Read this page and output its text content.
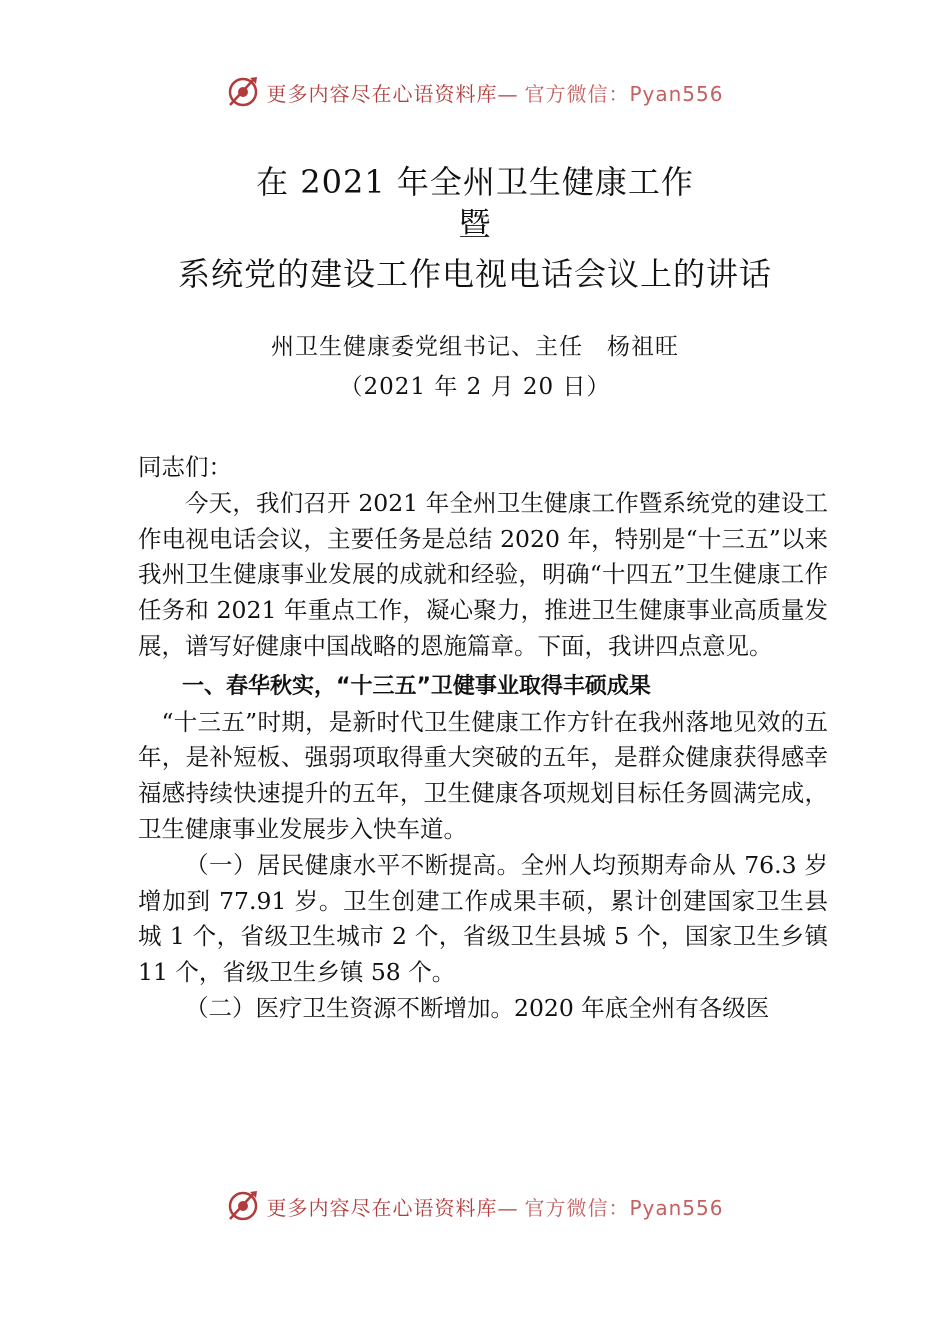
更多内容尽在心语资料库— 官方微信：Pyan556
在 2021 年全州卫生健康工作
暨
系统党的建设工作电视电话会议上的讲话
州卫生健康委党组书记、主任　杨祖旺
（2021 年 2 月 20 日）

同志们：

今天，我们召开 2021 年全州卫生健康工作暨系统党的建设工作电视电话会议，主要任务是总结 2020 年，特别是“十三五”以来我州卫生健康事业发展的成就和经验，明确“十四五”卫生健康工作任务和 2021 年重点工作，凝心聚力，推进卫生健康事业高质量发展，谱写好健康中国战略的恩施篇章。下面，我讲四点意见。

一、春华秋实，“十三五”卫健事业取得丰硕成果

“十三五”时期，是新时代卫生健康工作方针在我州落地见效的五年，是补短板、强弱项取得重大突破的五年，是群众健康获得感幸福感持续快速提升的五年，卫生健康各项规划目标任务圆满完成，卫生健康事业发展步入快车道。

（一）居民健康水平不断提高。全州人均预期寿命从 76.3 岁增加到 77.91 岁。卫生创建工作成果丰硕，累计创建国家卫生县城 1 个，省级卫生城市 2 个，省级卫生县城 5 个，国家卫生乡镇 11 个，省级卫生乡镇 58 个。

（二）医疗卫生资源不断增加。2020 年底全州有各级医

更多内容尽在心语资料库— 官方微信：Pyan556
